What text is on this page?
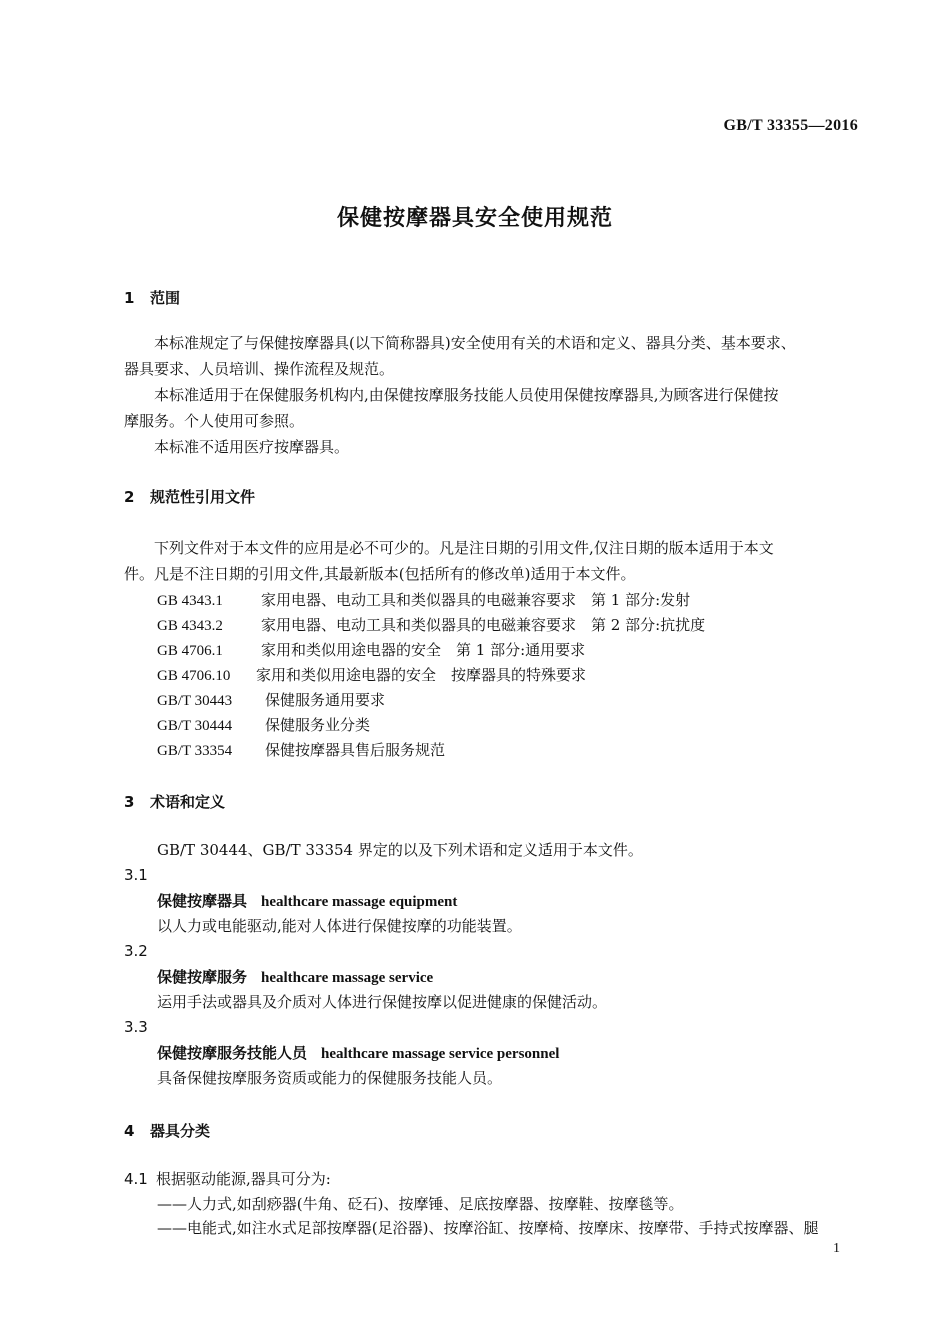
GB/T 33355—2016
保健按摩器具安全使用规范
1 范围
本标准规定了与保健按摩器具(以下简称器具)安全使用有关的术语和定义、器具分类、基本要求、
器具要求、人员培训、操作流程及规范。
本标准适用于在保健服务机构内,由保健按摩服务技能人员使用保健按摩器具,为顾客进行保健按
摩服务。个人使用可参照。
本标准不适用医疗按摩器具。
2 规范性引用文件
下列文件对于本文件的应用是必不可少的。凡是注日期的引用文件,仅注日期的版本适用于本文
件。凡是不注日期的引用文件,其最新版本(包括所有的修改单)适用于本文件。
GB 4343.1	家用电器、电动工具和类似器具的电磁兼容要求　第 1 部分:发射
GB 4343.2	家用电器、电动工具和类似器具的电磁兼容要求　第 2 部分:抗扰度
GB 4706.1	家用和类似用途电器的安全　第 1 部分:通用要求
GB 4706.10 家用和类似用途电器的安全　按摩器具的特殊要求
GB/T 30443 保健服务通用要求
GB/T 30444 保健服务业分类
GB/T 33354 保健按摩器具售后服务规范
3 术语和定义
GB/T 30444、GB/T 33354 界定的以及下列术语和定义适用于本文件。
3.1
保健按摩器具 healthcare massage equipment
以人力或电能驱动,能对人体进行保健按摩的功能装置。
3.2
保健按摩服务 healthcare massage service
运用手法或器具及介质对人体进行保健按摩以促进健康的保健活动。
3.3
保健按摩服务技能人员 healthcare massage service personnel
具备保健按摩服务资质或能力的保健服务技能人员。
4 器具分类
4.1 根据驱动能源,器具可分为:
——人力式,如刮痧器(牛角、砭石)、按摩锤、足底按摩器、按摩鞋、按摩毯等。
——电能式,如注水式足部按摩器(足浴器)、按摩浴缸、按摩椅、按摩床、按摩带、手持式按摩器、腿
1
